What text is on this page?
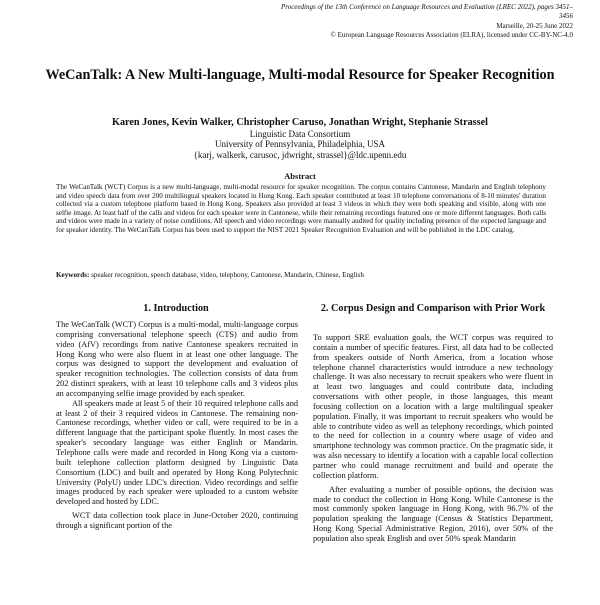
Proceedings of the 13th Conference on Language Resources and Evaluation (LREC 2022), pages 3451–3456
Marseille, 20-25 June 2022
© European Language Resources Association (ELRA), licensed under CC-BY-NC-4.0
WeCanTalk: A New Multi-language, Multi-modal Resource for Speaker Recognition
Karen Jones, Kevin Walker, Christopher Caruso, Jonathan Wright, Stephanie Strassel
Linguistic Data Consortium
University of Pennsylvania, Philadelphia, USA
{karj, walkerk, carusoc, jdwright, strassel}@ldc.upenn.edu
Abstract
The WeCanTalk (WCT) Corpus is a new multi-language, multi-modal resource for speaker recognition. The corpus contains Cantonese, Mandarin and English telephony and video speech data from over 200 multilingual speakers located in Hong Kong. Each speaker contributed at least 10 telephone conversations of 8-10 minutes' duration collected via a custom telephone platform based in Hong Kong. Speakers also provided at least 3 videos in which they were both speaking and visible, along with one selfie image. At least half of the calls and videos for each speaker were in Cantonese, while their remaining recordings featured one or more different languages. Both calls and videos were made in a variety of noise conditions. All speech and video recordings were manually audited for quality including presence of the expected language and for speaker identity. The WeCanTalk Corpus has been used to support the NIST 2021 Speaker Recognition Evaluation and will be published in the LDC catalog.
Keywords: speaker recognition, speech database, video, telephony, Cantonese, Mandarin, Chinese, English
1. Introduction

The WeCanTalk (WCT) Corpus is a multi-modal, multi-language corpus comprising conversational telephone speech (CTS) and audio from video (AfV) recordings from native Cantonese speakers recruited in Hong Kong who were also fluent in at least one other language. The corpus was designed to support the development and evaluation of speaker recognition technologies. The collection consists of data from 202 distinct speakers, with at least 10 telephone calls and 3 videos plus an accompanying selfie image provided by each speaker.

All speakers made at least 5 of their 10 required telephone calls and at least 2 of their 3 required videos in Cantonese. The remaining non-Cantonese recordings, whether video or call, were required to be in a different language that the participant spoke fluently. In most cases the speaker's secondary language was either English or Mandarin. Telephone calls were made and recorded in Hong Kong via a custom-built telephone collection platform designed by Linguistic Data Consortium (LDC) and built and operated by Hong Kong Polytechnic University (PolyU) under LDC's direction. Video recordings and selfie images produced by each speaker were uploaded to a custom website developed and hosted by LDC.

WCT data collection took place in June-October 2020, continuing through a significant portion of the

2. Corpus Design and Comparison with Prior Work

To support SRE evaluation goals, the WCT corpus was required to contain a number of specific features. First, all data had to be collected from speakers outside of North America, from a location whose telephone channel characteristics would introduce a new technology challenge. It was also necessary to recruit speakers who were fluent in at least two languages and could contribute data, including conversations with other people, in those languages, this meant focusing collection on a location with a large multilingual speaker population. Finally, it was important to recruit speakers who would be able to contribute video as well as telephony recordings, which pointed to the need for collection in a country where usage of video and smartphone technology was common practice. On the pragmatic side, it was also necessary to identify a location with a capable local collection partner who could manage recruitment and build and operate the collection platform.

After evaluating a number of possible options, the decision was made to conduct the collection in Hong Kong. While Cantonese is the most commonly spoken language in Hong Kong, with 96.7% of the population speaking the language (Census & Statistics Department, Hong Kong Special Administrative Region, 2016), over 50% of the population also speak English and over 50% speak Mandarin
